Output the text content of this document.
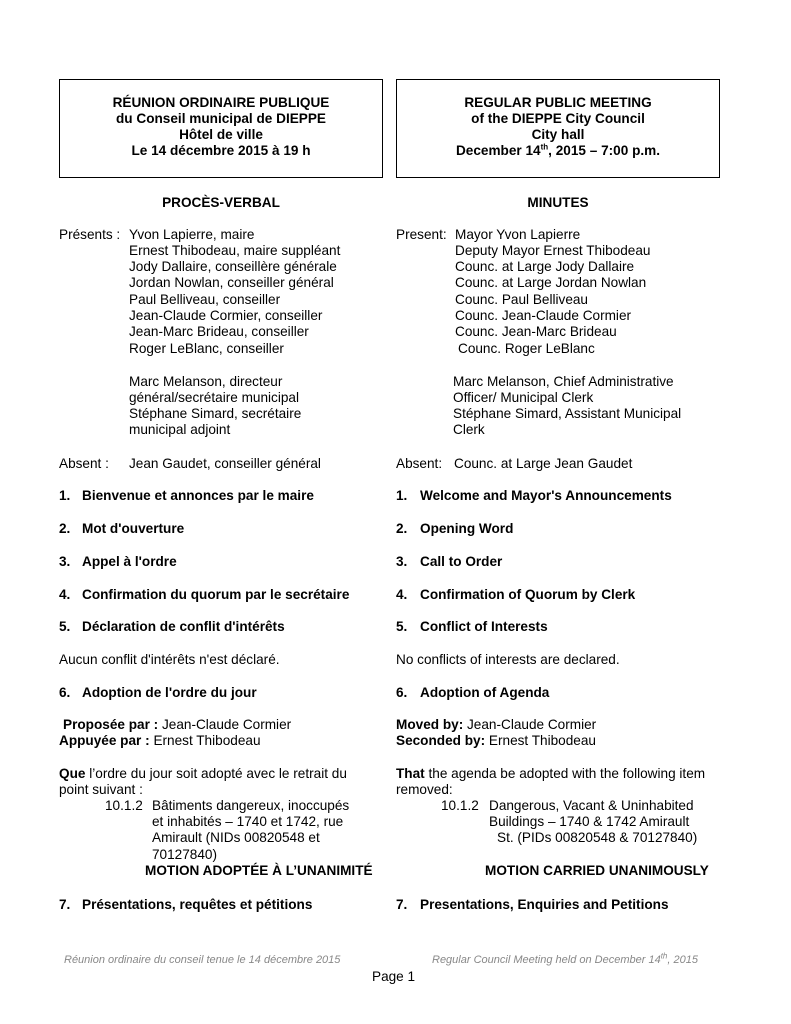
RÉUNION ORDINAIRE PUBLIQUE
du Conseil municipal de DIEPPE
Hôtel de ville
Le 14 décembre 2015 à 19 h
REGULAR PUBLIC MEETING
of the DIEPPE City Council
City hall
December 14th, 2015 – 7:00 p.m.
PROCÈS-VERBAL	MINUTES
Présents : Yvon Lapierre, maire
Ernest Thibodeau, maire suppléant
Jody Dallaire, conseillère générale
Jordan Nowlan, conseiller général
Paul Belliveau, conseiller
Jean-Claude Cormier, conseiller
Jean-Marc Brideau, conseiller
Roger LeBlanc, conseiller
Marc Melanson, directeur
général/secrétaire municipal
Stéphane Simard, secrétaire
municipal adjoint
Present: Mayor Yvon Lapierre
Deputy Mayor Ernest Thibodeau
Counc. at Large Jody Dallaire
Counc. at Large Jordan Nowlan
Counc. Paul Belliveau
Counc. Jean-Claude Cormier
Counc. Jean-Marc Brideau
Counc. Roger LeBlanc
Marc Melanson, Chief Administrative
Officer/ Municipal Clerk
Stéphane Simard, Assistant Municipal
Clerk
Absent : Jean Gaudet, conseiller général	Absent: Counc. at Large Jean Gaudet
1. Bienvenue et annonces par le maire	1. Welcome and Mayor's Announcements
2. Mot d'ouverture	2. Opening Word
3. Appel à l'ordre	3. Call to Order
4. Confirmation du quorum par le secrétaire	4. Confirmation of Quorum by Clerk
5. Déclaration de conflit d'intérêts	5. Conflict of Interests
Aucun conflit d'intérêts n'est déclaré.	No conflicts of interests are declared.
6. Adoption de l'ordre du jour	6. Adoption of Agenda
Proposée par : Jean-Claude Cormier
Appuyée par : Ernest Thibodeau
Moved by: Jean-Claude Cormier
Seconded by: Ernest Thibodeau
Que l’ordre du jour soit adopté avec le retrait du
point suivant :
10.1.2 Bâtiments dangereux, inoccupés
et inhabités – 1740 et 1742, rue
Amirault (NIDs 00820548 et
70127840)
MOTION ADOPTÉE À L’UNANIMITÉ
That the agenda be adopted with the following item
removed:
10.1.2 Dangerous, Vacant & Uninhabited
Buildings – 1740 & 1742 Amirault
St. (PIDs 00820548 & 70127840)
MOTION CARRIED UNANIMOUSLY
7. Présentations, requêtes et pétitions	7. Presentations, Enquiries and Petitions
Réunion ordinaire du conseil tenue le 14 décembre 2015	Regular Council Meeting held on December 14th, 2015
Page 1
